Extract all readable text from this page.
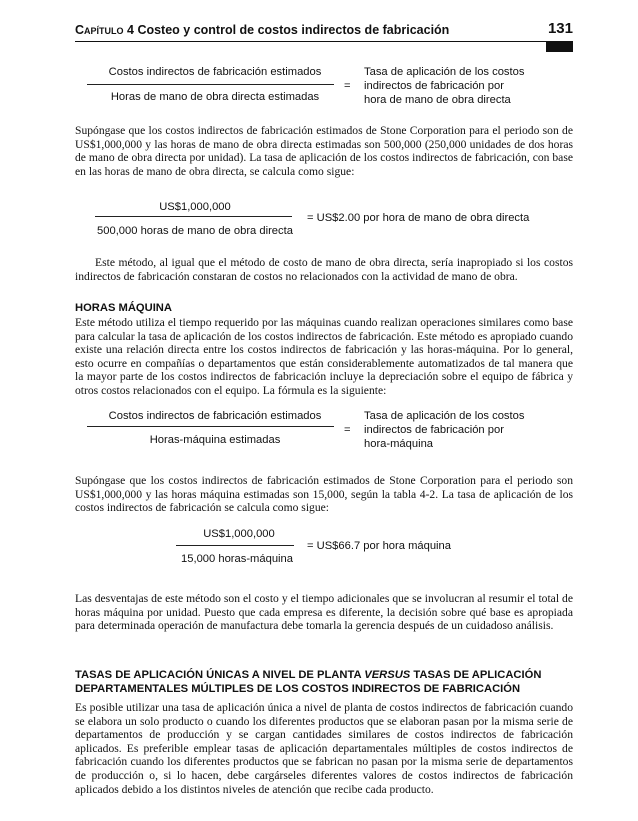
Capítulo 4 Costeo y control de costos indirectos de fabricación	131
Costos indirectos de fabricación estimados
Horas de mano de obra directa estimadas
=
Tasa de aplicación de los costos
indirectos de fabricación por
hora de mano de obra directa
Supóngase que los costos indirectos de fabricación estimados de Stone Corporation para el periodo son de US$1,000,000 y las horas de mano de obra directa estimadas son 500,000 (250,000 unidades de dos horas de mano de obra directa por unidad). La tasa de aplicación de los costos indirectos de fabricación, con base en las horas de mano de obra directa, se calcula como sigue:
US$1,000,000
500,000 horas de mano de obra directa
= US$2.00 por hora de mano de obra directa
Este método, al igual que el método de costo de mano de obra directa, sería inapropiado si los costos indirectos de fabricación constaran de costos no relacionados con la actividad de mano de obra.
HORAS MÁQUINA
Este método utiliza el tiempo requerido por las máquinas cuando realizan operaciones similares como base para calcular la tasa de aplicación de los costos indirectos de fabricación. Este método es apropiado cuando existe una relación directa entre los costos indirectos de fabricación y las horas-máquina. Por lo general, esto ocurre en compañías o departamentos que están considerablemente automatizados de tal manera que la mayor parte de los costos indirectos de fabricación incluye la depreciación sobre el equipo de fábrica y otros costos relacionados con el equipo. La fórmula es la siguiente:
Costos indirectos de fabricación estimados
Horas-máquina estimadas
=
Tasa de aplicación de los costos
indirectos de fabricación por
hora-máquina
Supóngase que los costos indirectos de fabricación estimados de Stone Corporation para el periodo son US$1,000,000 y las horas máquina estimadas son 15,000, según la tabla 4-2. La tasa de aplicación de los costos indirectos de fabricación se calcula como sigue:
US$1,000,000
15,000 horas-máquina
= US$66.7 por hora máquina
Las desventajas de este método son el costo y el tiempo adicionales que se involucran al resumir el total de horas máquina por unidad. Puesto que cada empresa es diferente, la decisión sobre qué base es apropiada para determinada operación de manufactura debe tomarla la gerencia después de un cuidadoso análisis.
TASAS DE APLICACIÓN ÚNICAS A NIVEL DE PLANTA VERSUS TASAS DE APLICACIÓN
DEPARTAMENTALES MÚLTIPLES DE LOS COSTOS INDIRECTOS DE FABRICACIÓN
Es posible utilizar una tasa de aplicación única a nivel de planta de costos indirectos de fabricación cuando se elabora un solo producto o cuando los diferentes productos que se elaboran pasan por la misma serie de departamentos de producción y se cargan cantidades similares de costos indirectos de fabricación aplicados. Es preferible emplear tasas de aplicación departamentales múltiples de costos indirectos de fabricación cuando los diferentes productos que se fabrican no pasan por la misma serie de departamentos de producción o, si lo hacen, debe cargárseles diferentes valores de costos indirectos de fabricación aplicados debido a los distintos niveles de atención que recibe cada producto.
